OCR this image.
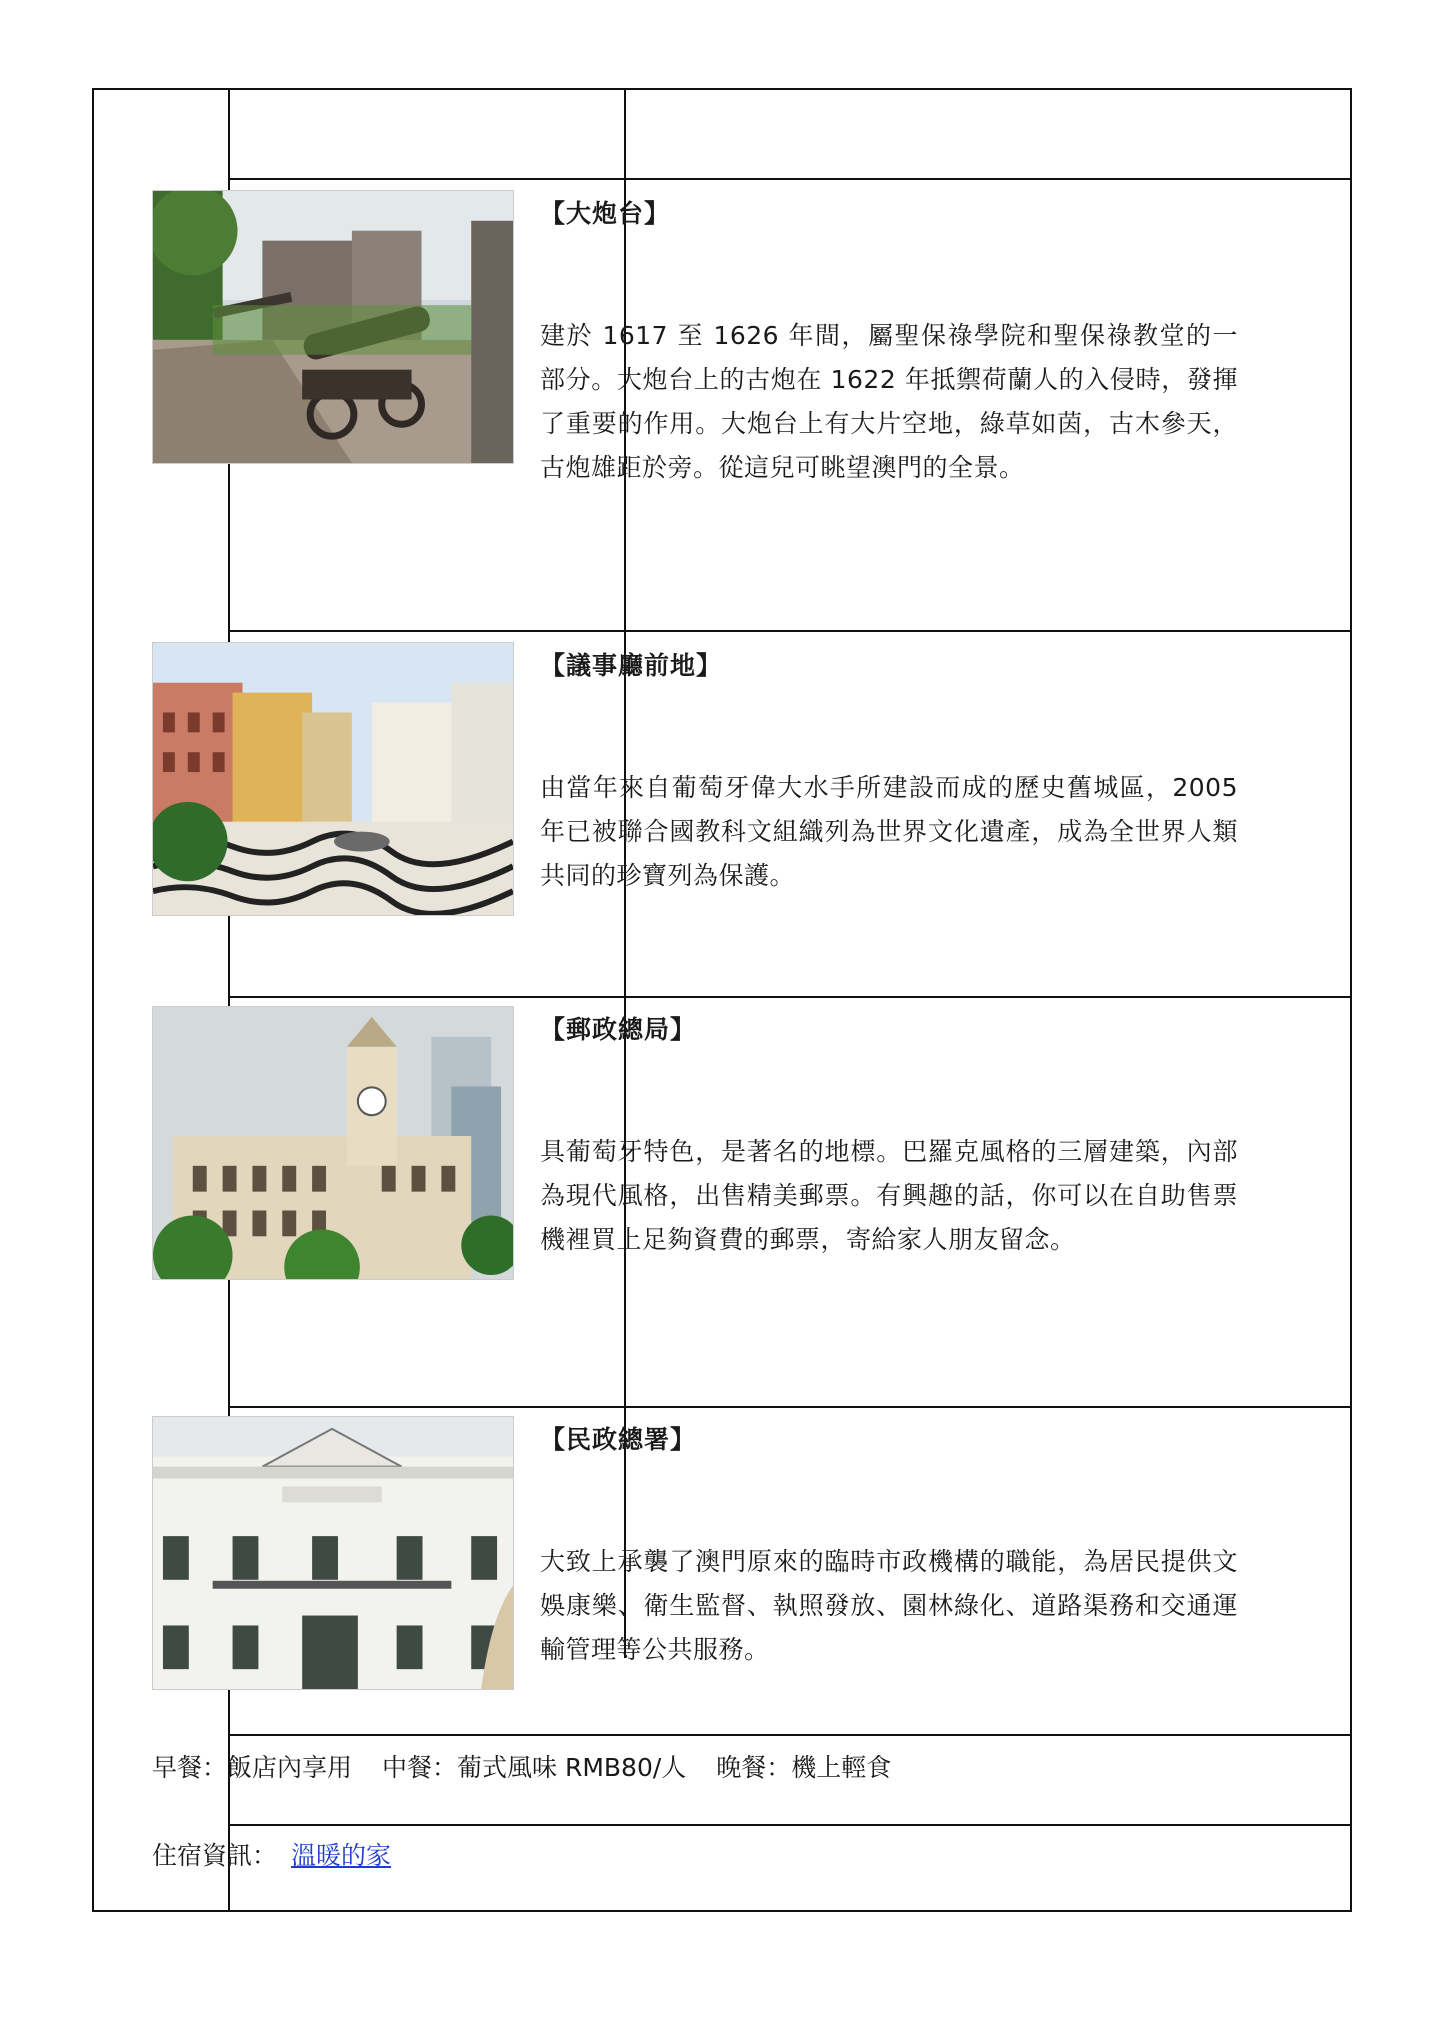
【大炮台】

建於 1617 至 1626 年間，屬聖保祿學院和聖保祿教堂的一部分。大炮台上的古炮在 1622 年抵禦荷蘭人的入侵時，發揮了重要的作用。大炮台上有大片空地，綠草如茵，古木參天，古炮雄距於旁。從這兒可眺望澳門的全景。

【議事廳前地】

由當年來自葡萄牙偉大水手所建設而成的歷史舊城區，2005 年已被聯合國教科文組織列為世界文化遺產，成為全世界人類共同的珍寶列為保護。

【郵政總局】

具葡萄牙特色，是著名的地標。巴羅克風格的三層建築，內部為現代風格，出售精美郵票。有興趣的話，你可以在自助售票機裡買上足夠資費的郵票，寄給家人朋友留念。

【民政總署】

大致上承襲了澳門原來的臨時市政機構的職能，為居民提供文娛康樂、衛生監督、執照發放、園林綠化、道路渠務和交通運輸管理等公共服務。

早餐：飯店內享用 中餐：葡式風味 RMB80/人 晚餐：機上輕食
住宿資訊： 溫暖的家
